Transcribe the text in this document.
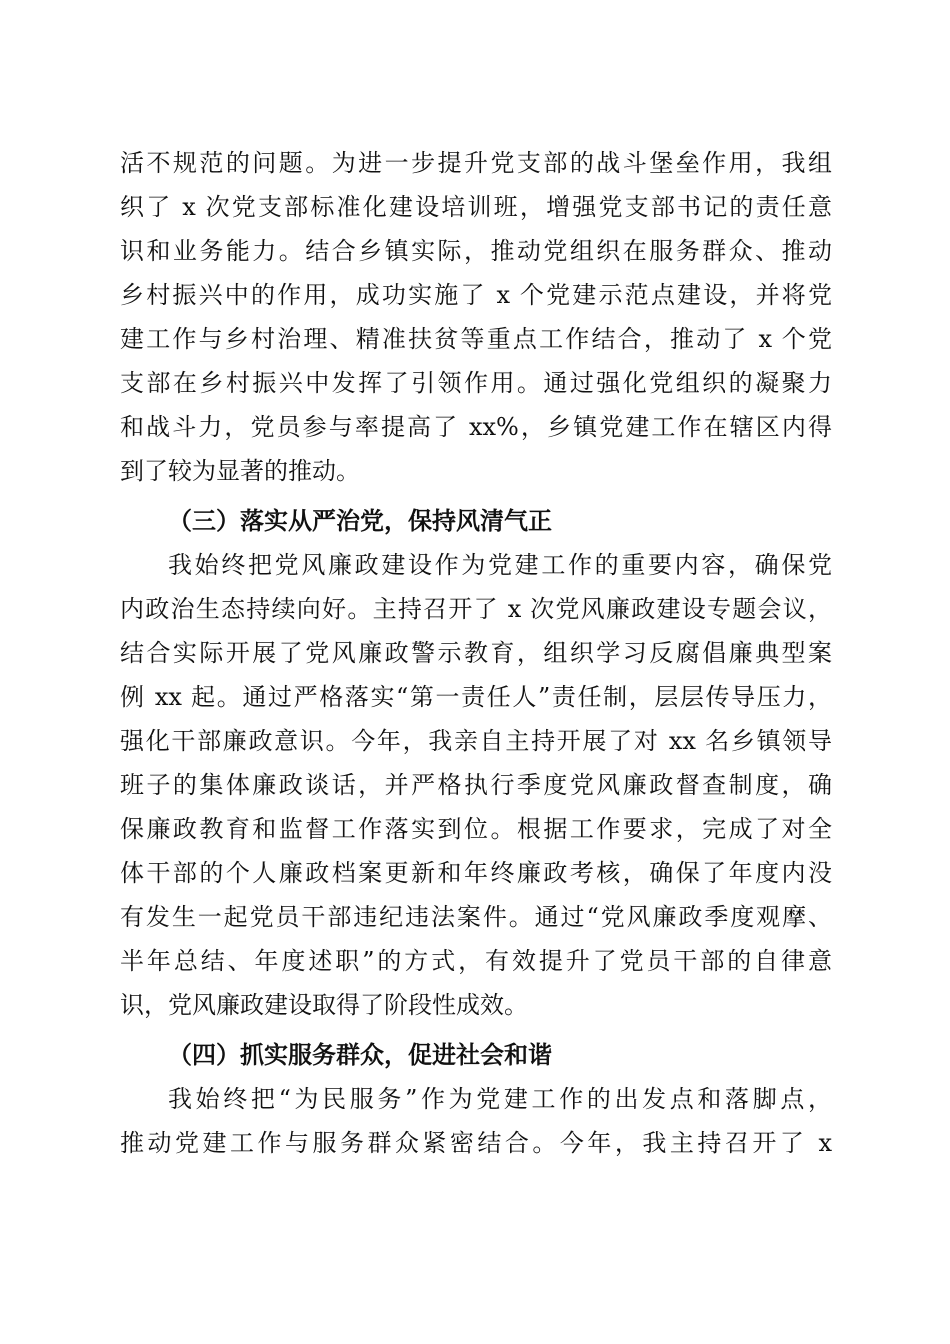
活不规范的问题。为进一步提升党支部的战斗堡垒作用，我组
织了 x 次党支部标准化建设培训班，增强党支部书记的责任意
识和业务能力。结合乡镇实际，推动党组织在服务群众、推动
乡村振兴中的作用，成功实施了 x 个党建示范点建设，并将党
建工作与乡村治理、精准扶贫等重点工作结合，推动了 x 个党
支部在乡村振兴中发挥了引领作用。通过强化党组织的凝聚力
和战斗力，党员参与率提高了 xx%，乡镇党建工作在辖区内得
到了较为显著的推动。
（三）落实从严治党，保持风清气正
我始终把党风廉政建设作为党建工作的重要内容，确保党
内政治生态持续向好。主持召开了 x 次党风廉政建设专题会议，
结合实际开展了党风廉政警示教育，组织学习反腐倡廉典型案
例 xx 起。通过严格落实“第一责任人”责任制，层层传导压力，
强化干部廉政意识。今年，我亲自主持开展了对 xx 名乡镇领导
班子的集体廉政谈话，并严格执行季度党风廉政督查制度，确
保廉政教育和监督工作落实到位。根据工作要求，完成了对全
体干部的个人廉政档案更新和年终廉政考核，确保了年度内没
有发生一起党员干部违纪违法案件。通过“党风廉政季度观摩、
半年总结、年度述职”的方式，有效提升了党员干部的自律意
识，党风廉政建设取得了阶段性成效。
（四）抓实服务群众，促进社会和谐
我始终把“为民服务”作为党建工作的出发点和落脚点，
推动党建工作与服务群众紧密结合。今年，我主持召开了 x
